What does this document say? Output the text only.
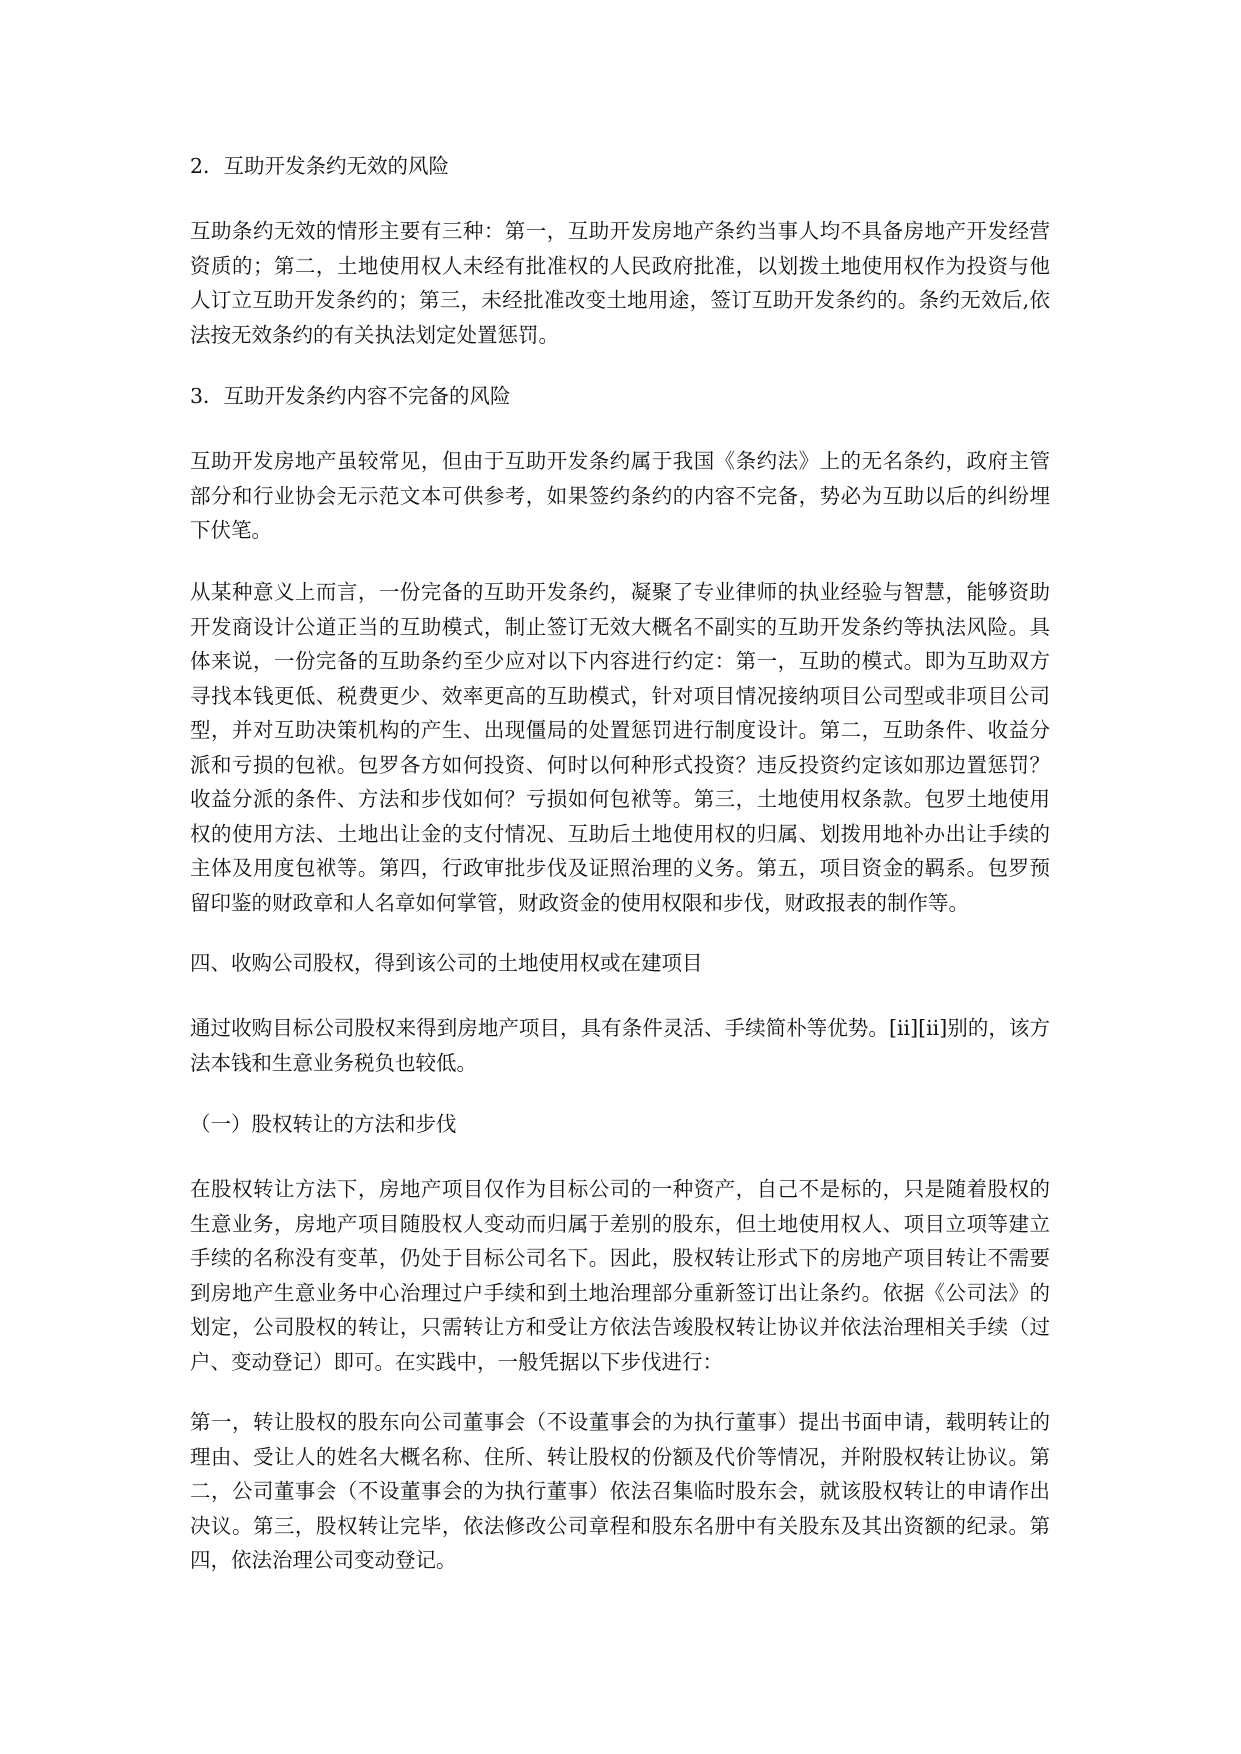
2．互助开发条约无效的风险
互助条约无效的情形主要有三种：第一，互助开发房地产条约当事人均不具备房地产开发经营资质的；第二，土地使用权人未经有批准权的人民政府批准，以划拨土地使用权作为投资与他人订立互助开发条约的；第三，未经批准改变土地用途，签订互助开发条约的。条约无效后,依法按无效条约的有关执法划定处置惩罚。
3．互助开发条约内容不完备的风险
互助开发房地产虽较常见，但由于互助开发条约属于我国《条约法》上的无名条约，政府主管部分和行业协会无示范文本可供参考，如果签约条约的内容不完备，势必为互助以后的纠纷埋下伏笔。
从某种意义上而言，一份完备的互助开发条约，凝聚了专业律师的执业经验与智慧，能够资助开发商设计公道正当的互助模式，制止签订无效大概名不副实的互助开发条约等执法风险。具体来说，一份完备的互助条约至少应对以下内容进行约定：第一，互助的模式。即为互助双方寻找本钱更低、税费更少、效率更高的互助模式，针对项目情况接纳项目公司型或非项目公司型，并对互助决策机构的产生、出现僵局的处置惩罚进行制度设计。第二，互助条件、收益分派和亏损的包袱。包罗各方如何投资、何时以何种形式投资？违反投资约定该如那边置惩罚？收益分派的条件、方法和步伐如何？亏损如何包袱等。第三，土地使用权条款。包罗土地使用权的使用方法、土地出让金的支付情况、互助后土地使用权的归属、划拨用地补办出让手续的主体及用度包袱等。第四，行政审批步伐及证照治理的义务。第五，项目资金的羁系。包罗预留印鉴的财政章和人名章如何掌管，财政资金的使用权限和步伐，财政报表的制作等。
四、收购公司股权，得到该公司的土地使用权或在建项目
通过收购目标公司股权来得到房地产项目，具有条件灵活、手续简朴等优势。[ii][ii]别的，该方法本钱和生意业务税负也较低。
（一）股权转让的方法和步伐
在股权转让方法下，房地产项目仅作为目标公司的一种资产，自己不是标的，只是随着股权的生意业务，房地产项目随股权人变动而归属于差别的股东，但土地使用权人、项目立项等建立手续的名称没有变革，仍处于目标公司名下。因此，股权转让形式下的房地产项目转让不需要到房地产生意业务中心治理过户手续和到土地治理部分重新签订出让条约。依据《公司法》的划定，公司股权的转让，只需转让方和受让方依法告竣股权转让协议并依法治理相关手续（过户、变动登记）即可。在实践中，一般凭据以下步伐进行：
第一，转让股权的股东向公司董事会（不设董事会的为执行董事）提出书面申请，载明转让的理由、受让人的姓名大概名称、住所、转让股权的份额及代价等情况，并附股权转让协议。第二，公司董事会（不设董事会的为执行董事）依法召集临时股东会，就该股权转让的申请作出决议。第三，股权转让完毕，依法修改公司章程和股东名册中有关股东及其出资额的纪录。第四，依法治理公司变动登记。
